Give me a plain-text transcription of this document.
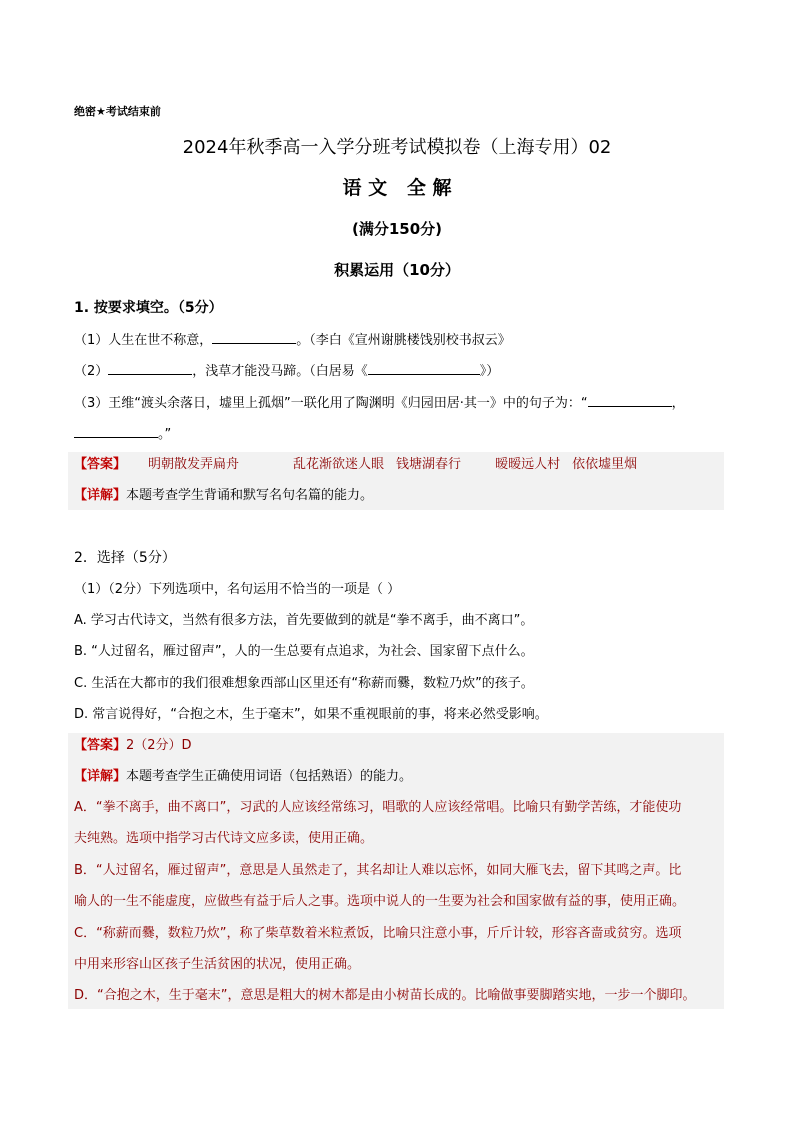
绝密★考试结束前
2024年秋季高一入学分班考试模拟卷（上海专用）02
语 文   全 解
(满分150分)
积累运用（10分）
1. 按要求填空。（5分）
（1）人生在世不称意，	。（李白《宣州谢朓楼饯别校书叔云》
（2）	，浅草才能没马蹄。（白居易《	》）
（3）王维“渡头余落日，墟里上孤烟”一联化用了陶渊明《归园田居·其一》中的句子为：“	，
。”
【答案】 明朝散发弄扁舟	乱花渐欲迷人眼 钱塘湖春行	暧暧远人村 依依墟里烟
【详解】本题考查学生背诵和默写名句名篇的能力。
2．选择（5分）
（1）（2分）下列选项中，名句运用不恰当的一项是（ ）
A. 学习古代诗文，当然有很多方法，首先要做到的就是“拳不离手，曲不离口”。
B. “人过留名，雁过留声”，人的一生总要有点追求，为社会、国家留下点什么。
C. 生活在大都市的我们很难想象西部山区里还有“称薪而爨，数粒乃炊”的孩子。
D. 常言说得好，“合抱之木，生于毫末”，如果不重视眼前的事，将来必然受影响。
【答案】2（2分）D
【详解】本题考查学生正确使用词语（包括熟语）的能力。
A．“拳不离手，曲不离口”，习武的人应该经常练习，唱歌的人应该经常唱。比喻只有勤学苦练，才能使功
夫纯熟。选项中指学习古代诗文应多读，使用正确。
B．“人过留名，雁过留声”，意思是人虽然走了，其名却让人难以忘怀，如同大雁飞去，留下其鸣之声。比
喻人的一生不能虚度，应做些有益于后人之事。选项中说人的一生要为社会和国家做有益的事，使用正确。
C．“称薪而爨，数粒乃炊”，称了柴草数着米粒煮饭，比喻只注意小事，斤斤计较，形容吝啬或贫穷。选项
中用来形容山区孩子生活贫困的状况，使用正确。
D．“合抱之木，生于毫末”，意思是粗大的树木都是由小树苗长成的。比喻做事要脚踏实地，一步一个脚印。
